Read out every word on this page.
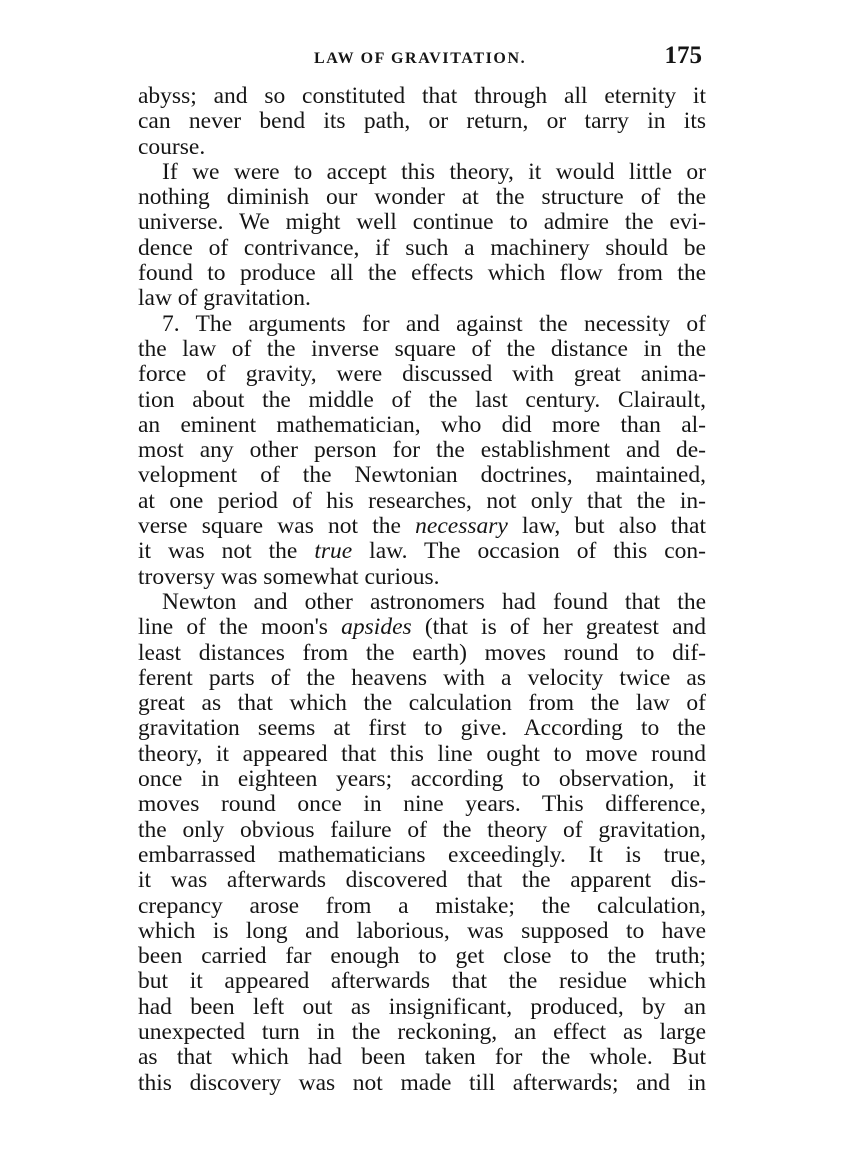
LAW OF GRAVITATION.	175
abyss; and so constituted that through all eternity it
can never bend its path, or return, or tarry in its
course.
If we were to accept this theory, it would little or
nothing diminish our wonder at the structure of the
universe. We might well continue to admire the evi-
dence of contrivance, if such a machinery should be
found to produce all the effects which flow from the
law of gravitation.
7. The arguments for and against the necessity of
the law of the inverse square of the distance in the
force of gravity, were discussed with great anima-
tion about the middle of the last century. Clairault,
an eminent mathematician, who did more than al-
most any other person for the establishment and de-
velopment of the Newtonian doctrines, maintained,
at one period of his researches, not only that the in-
verse square was not the necessary law, but also that
it was not the true law. The occasion of this con-
troversy was somewhat curious.
Newton and other astronomers had found that the
line of the moon's apsides (that is of her greatest and
least distances from the earth) moves round to dif-
ferent parts of the heavens with a velocity twice as
great as that which the calculation from the law of
gravitation seems at first to give. According to the
theory, it appeared that this line ought to move round
once in eighteen years; according to observation, it
moves round once in nine years. This difference,
the only obvious failure of the theory of gravitation,
embarrassed mathematicians exceedingly. It is true,
it was afterwards discovered that the apparent dis-
crepancy arose from a mistake; the calculation,
which is long and laborious, was supposed to have
been carried far enough to get close to the truth;
but it appeared afterwards that the residue which
had been left out as insignificant, produced, by an
unexpected turn in the reckoning, an effect as large
as that which had been taken for the whole. But
this discovery was not made till afterwards; and in
